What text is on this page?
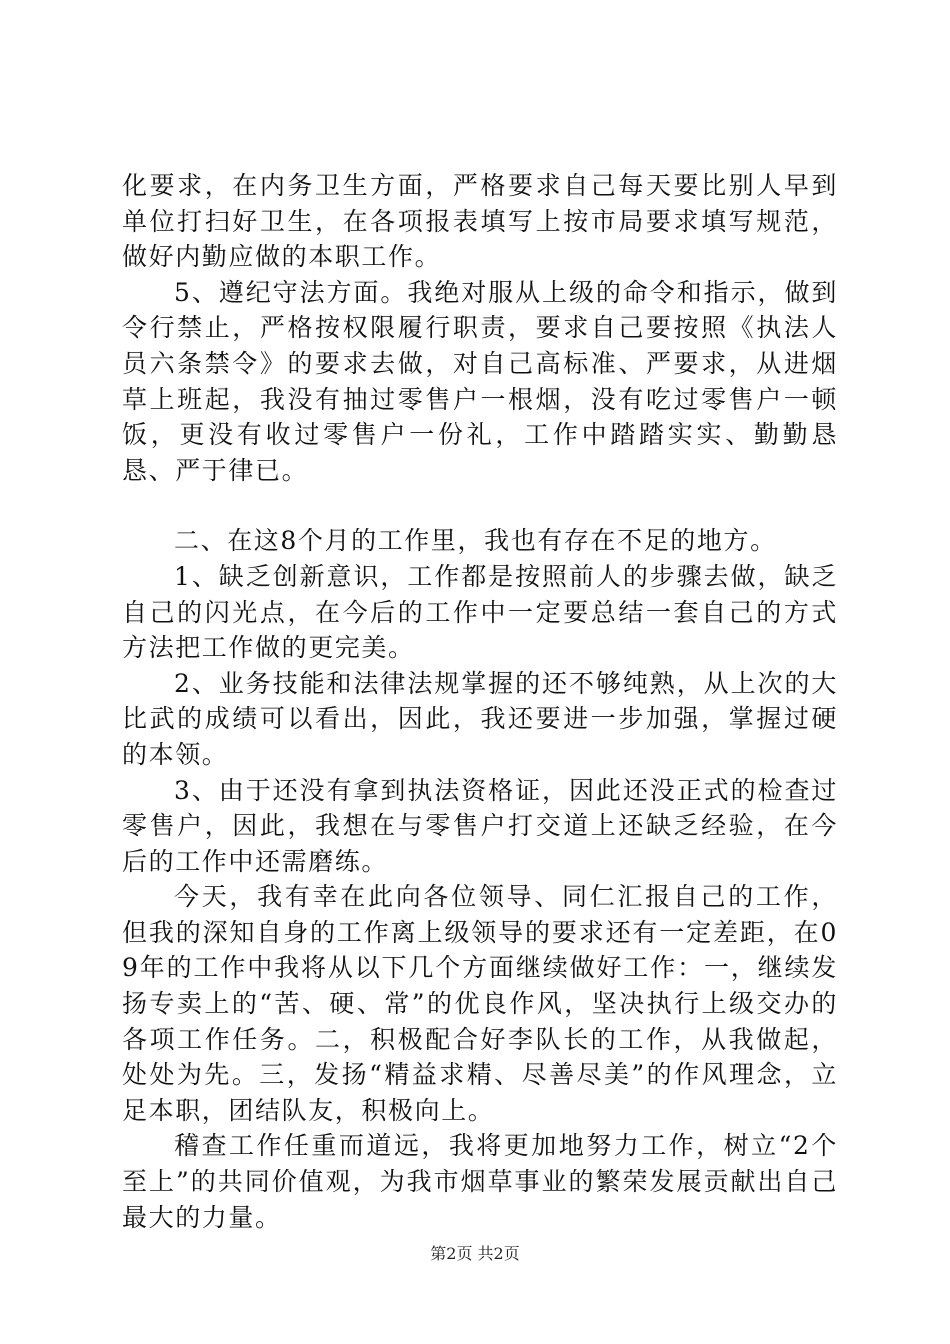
化要求，在内务卫生方面，严格要求自己每天要比别人早到单位打扫好卫生，在各项报表填写上按市局要求填写规范，做好内勤应做的本职工作。

5、遵纪守法方面。我绝对服从上级的命令和指示，做到令行禁止，严格按权限履行职责，要求自己要按照《执法人员六条禁令》的要求去做，对自己高标准、严要求，从进烟草上班起，我没有抽过零售户一根烟，没有吃过零售户一顿饭，更没有收过零售户一份礼，工作中踏踏实实、勤勤恳恳、严于律已。

二、在这8个月的工作里，我也有存在不足的地方。

1、缺乏创新意识，工作都是按照前人的步骤去做，缺乏自己的闪光点，在今后的工作中一定要总结一套自己的方式方法把工作做的更完美。

2、业务技能和法律法规掌握的还不够纯熟，从上次的大比武的成绩可以看出，因此，我还要进一步加强，掌握过硬的本领。

3、由于还没有拿到执法资格证，因此还没正式的检查过零售户，因此，我想在与零售户打交道上还缺乏经验，在今后的工作中还需磨练。

今天，我有幸在此向各位领导、同仁汇报自己的工作，但我的深知自身的工作离上级领导的要求还有一定差距，在09年的工作中我将从以下几个方面继续做好工作：一，继续发扬专卖上的“苦、硬、常”的优良作风，坚决执行上级交办的各项工作任务。二，积极配合好李队长的工作，从我做起，处处为先。三，发扬“精益求精、尽善尽美”的作风理念，立足本职，团结队友，积极向上。

稽查工作任重而道远，我将更加地努力工作，树立“2个至上”的共同价值观，为我市烟草事业的繁荣发展贡献出自己最大的力量。

第2页 共2页
